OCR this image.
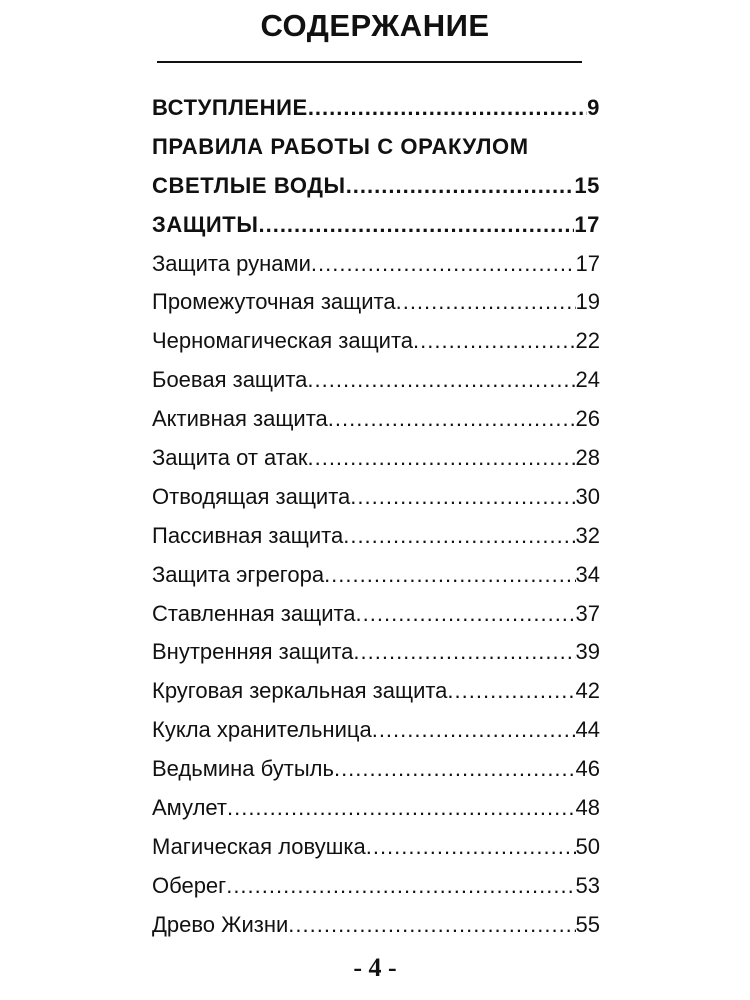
СОДЕРЖАНИЕ
ВСТУПЛЕНИЕ .....	9
ПРАВИЛА РАБОТЫ С ОРАКУЛОМ
СВЕТЛЫЕ ВОДЫ .....	15
ЗАЩИТЫ .....	17
Защита рунами .....	17
Промежуточная защита .....	19
Черномагическая защита .....	22
Боевая защита .....	24
Активная защита .....	26
Защита от атак .....	28
Отводящая защита .....	30
Пассивная защита .....	32
Защита эгрегора .....	34
Ставленная защита .....	37
Внутренняя защита .....	39
Круговая зеркальная защита .....	42
Кукла хранительница .....	44
Ведьмина бутыль .....	46
Амулет .....	48
Магическая ловушка .....	50
Оберег .....	53
Древо Жизни .....	55
- 4 -
